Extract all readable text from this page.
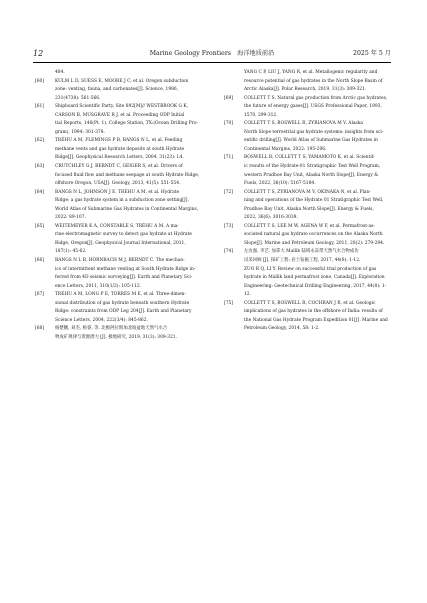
12	Marine Geology Frontiers　海洋地质前沿	2025 年 5 月
484.
[60]	KULM L D, SUESS E, MOORE J C, et al. Oregon subduction
zone: venting, fauna, and carbonates[J]. Science, 1986,
231(4738): 561-566.
[61]	Shipboard Scientific Party. Site 892[M]// WESTBROOK G K,
CARSON B, MUSGRAVE R J, et al. Proceeding ODP Initial
tial Reports, 146(Pt. 1). College Station, TX:(Ocean Drilling Pro-
gram), 1994: 301-378.
[62]	TRÉHU A M, FLEMINGS P B, BANGS N L, et al. Feeding
methane vents and gas hydrate deposits at south Hydrate
Ridge[J]. Geophysical Research Letters, 2004, 31(23): L4.
[63]	CRUTCHLEY G J, BERNDT C, GEIGER S, et al. Drivers of
focused fluid flow and methane seepage at south Hydrate Ridge,
offshore Oregon, USA[J]. Geology, 2013, 41(5): 551-554.
[64]	BANGS N L, JOHNSON J E, TRÉHU A M, et al. Hydrate
Ridge: a gas hydrate system in a subduction zone setting[J].
World Atlas of Submarine Gas Hydrates in Continental Margins,
2022: 89-107.
[65]	WEITEMEYER K A, CONSTABLE S, TRÉHU A M. A ma-
rine electromagnetic survey to detect gas hydrate at Hydrate
Ridge, Oregon[J]. Geophysical Journal International, 2011,
187(1): 45-62.
[66]	BANGS N L B, HORNBACH M J, BERNDT C. The mechan-
ics of intermittent methane venting at South Hydrate Ridge in-
ferred from 4D seismic surveying[J]. Earth and Planetary Sci-
ence Letters, 2011, 310(1/2): 105-112.
[67]	TRÉHU A M, LONG P E, TORRES M E, et al. Three-dimen-
sional distribution of gas hydrate beneath southern Hydrate
Ridge: constraints from ODP Leg 204[J]. Earth and Planetary
Science Letters, 2004, 222(3/4): 845-862.
[68]	杨楚鹏, 刘杰, 杨睿, 等. 北极阿拉斯加北坡盆地天然气水合
物成矿规律与资源潜力 [J]. 极地研究, 2019, 31(3): 309-321.
YANG C P, LIU J, YANG R, et al. Metallogenic regularity and
resource potential of gas hydrates in the North Slope Basin of
Arctic Alaska[J]. Polar Research, 2019, 31(3): 309-321.
[69]	COLLETT T S. Natural gas production from Arctic gas hydrates,
the future of energy gases[J]. USGS Professional Paper, 1993,
1570, 299-312.
[70]	COLLETT T S, BOSWELL R, ZYRIANOVA M V. Alaska
North Slope terrestrial gas hydrate systems: insights from sci-
entific drilling[J]. World Atlas of Submarine Gas Hydrates in
Continental Margins, 2022: 195-206.
[71]	BOSWELL R, COLLETT T S, YAMAMOTO K, et al. Scientif-
ic results of the Hydrate-01 Stratigraphic Test Well Program,
western Prudhoe Bay Unit, Alaska North Slope[J]. Energy &
Fuels, 2022, 36(10): 5167-5184.
[72]	COLLETT T S, ZYRIANOVA M V, OKINAKA N, et al. Plan-
ning and operations of the Hydrate 01 Stratigraphic Test Well,
Prudhoe Bay Unit, Alaska North Slope[J]. Energy & Fuels,
2022, 36(6): 3016-3039.
[73]	COLLETT T S, LEE M W, AGENA W F, et al. Permafrost-as-
sociated natural gas hydrate occurrences on the Alaska North
Slope[J]. Marine and Petroleum Geology, 2011, 28(2): 279-294.
[74]	左汝强, 李艺. 加拿大 Mallik 陆域永冻带天然气水合物成功
试采回顾 [J]. 探矿工程: 岩土钻掘工程, 2017, 44(8): 1-12.
ZUO R Q, LI Y. Review on successful trial production of gas
hydrate in Mallik land permafrost zone, Canada[J]. Exploration
Engineering: Geotechnical Drilling Engineering, 2017, 44(8): 1-
12.
[75]	COLLETT T S, BOSWELL R, COCHRAN J R, et al. Geologic
implications of gas hydrates in the offshore of India: results of
the National Gas Hydrate Program Expedition 01[J]. Marine and
Petroleum Geology, 2014, 58: 1-2.
